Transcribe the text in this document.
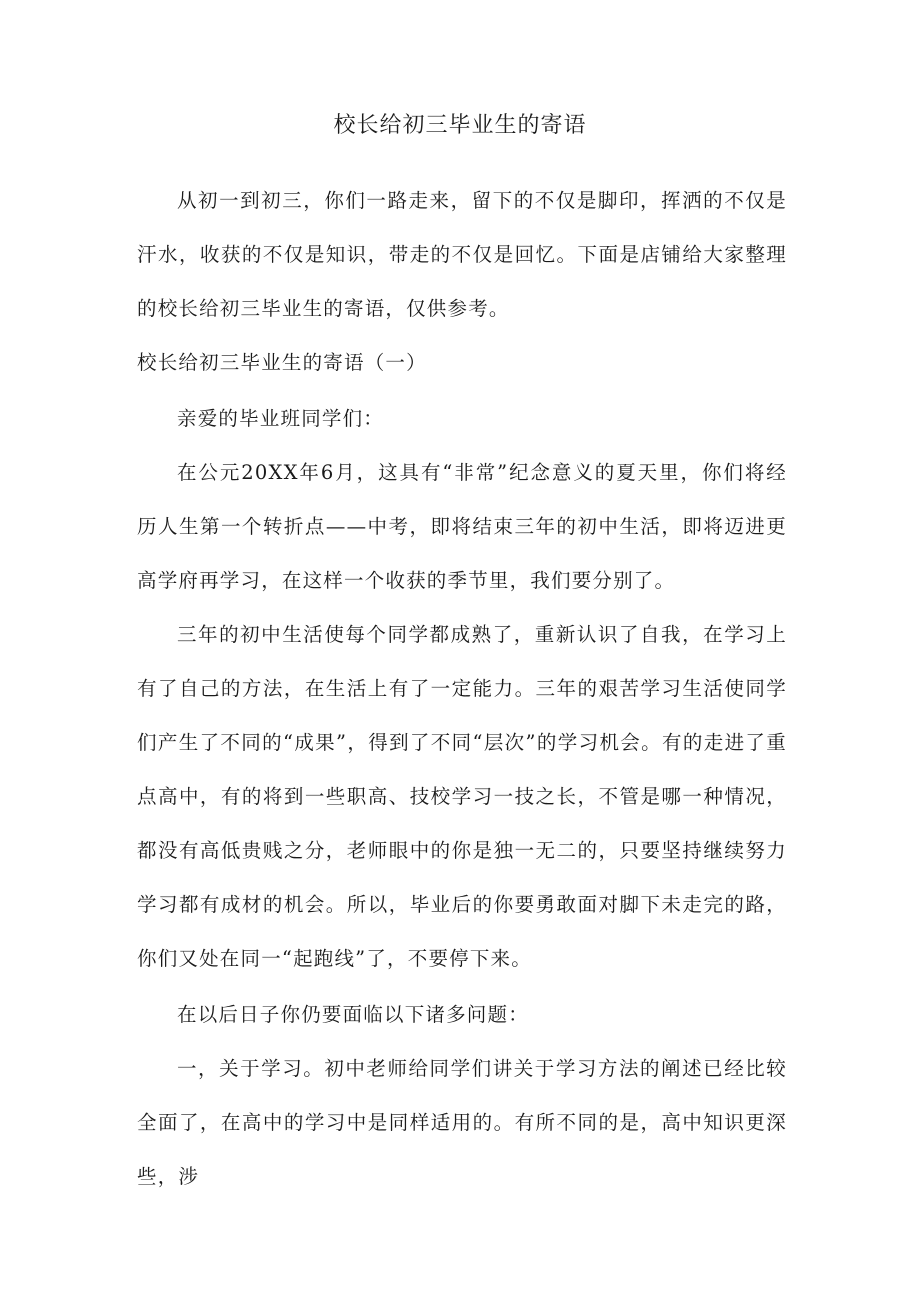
校长给初三毕业生的寄语

从初一到初三，你们一路走来，留下的不仅是脚印，挥洒的不仅是汗水，收获的不仅是知识，带走的不仅是回忆。下面是店铺给大家整理的校长给初三毕业生的寄语，仅供参考。

校长给初三毕业生的寄语（一）

亲爱的毕业班同学们：

在公元20XX年6月，这具有“非常”纪念意义的夏天里，你们将经历人生第一个转折点——中考，即将结束三年的初中生活，即将迈进更高学府再学习，在这样一个收获的季节里，我们要分别了。

三年的初中生活使每个同学都成熟了，重新认识了自我，在学习上有了自己的方法，在生活上有了一定能力。三年的艰苦学习生活使同学们产生了不同的“成果”，得到了不同“层次”的学习机会。有的走进了重点高中，有的将到一些职高、技校学习一技之长，不管是哪一种情况，都没有高低贵贱之分，老师眼中的你是独一无二的，只要坚持继续努力学习都有成材的机会。所以，毕业后的你要勇敢面对脚下未走完的路，你们又处在同一“起跑线”了，不要停下来。

在以后日子你仍要面临以下诸多问题：

一，关于学习。初中老师给同学们讲关于学习方法的阐述已经比较全面了，在高中的学习中是同样适用的。有所不同的是，高中知识更深些，涉
